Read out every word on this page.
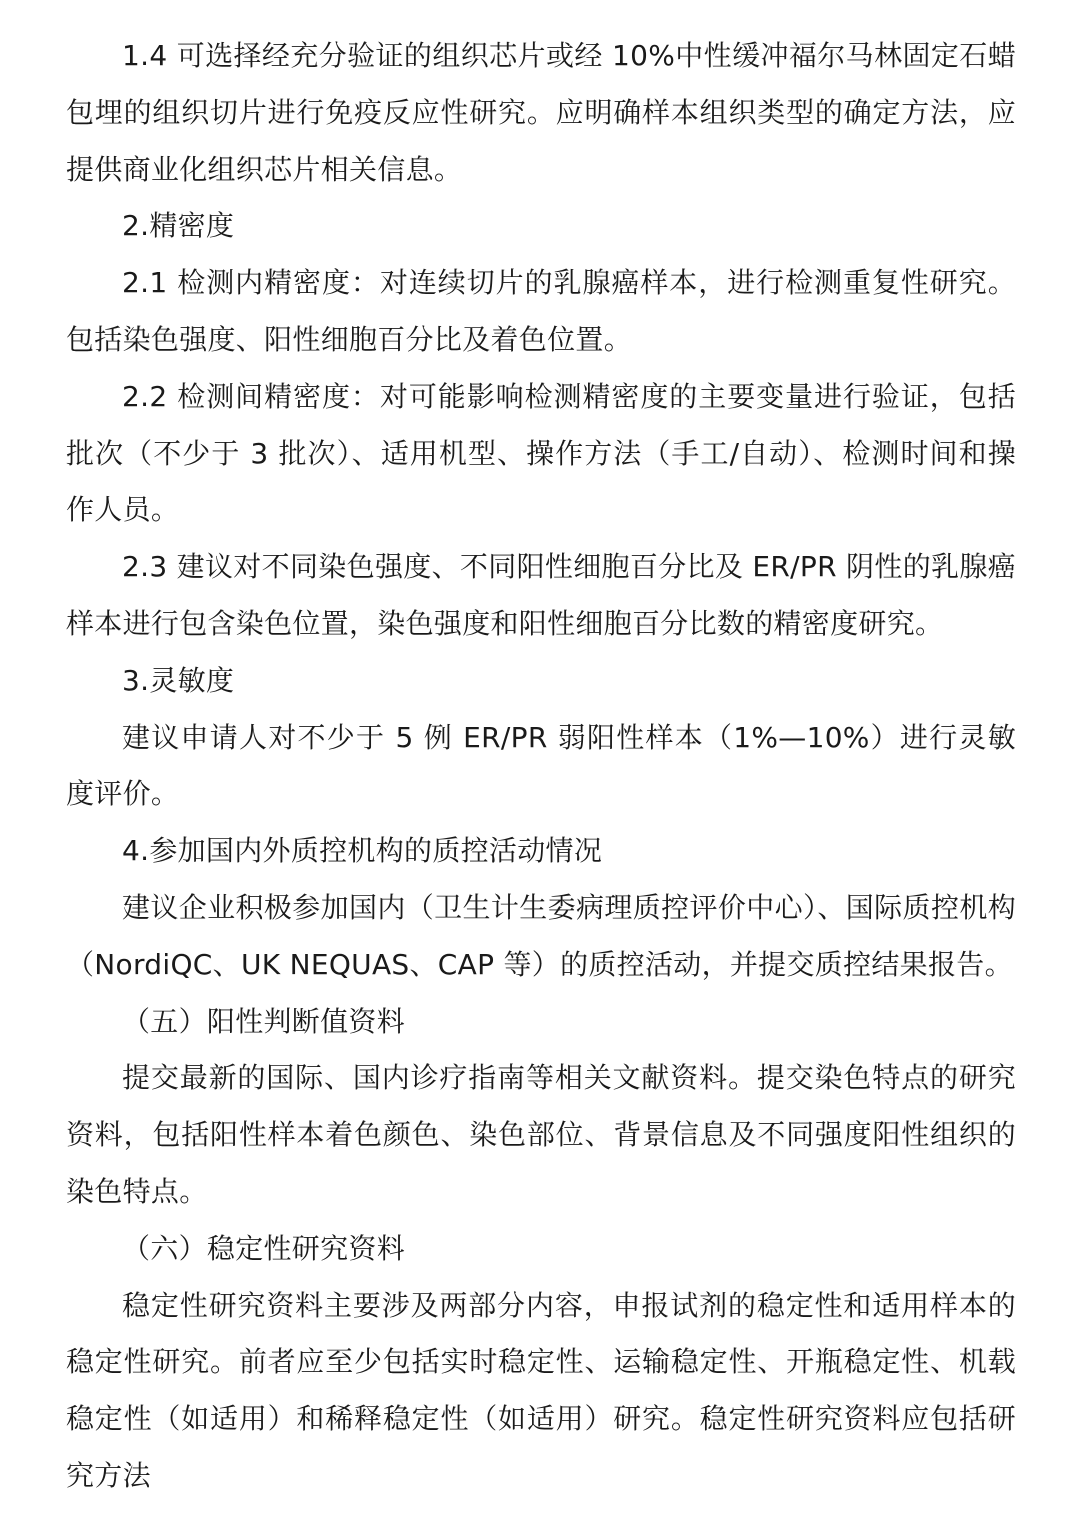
1.4 可选择经充分验证的组织芯片或经 10%中性缓冲福尔马林固定石蜡包埋的组织切片进行免疫反应性研究。应明确样本组织类型的确定方法，应提供商业化组织芯片相关信息。

2.精密度

2.1 检测内精密度：对连续切片的乳腺癌样本，进行检测重复性研究。包括染色强度、阳性细胞百分比及着色位置。

2.2 检测间精密度：对可能影响检测精密度的主要变量进行验证，包括批次（不少于 3 批次）、适用机型、操作方法（手工/自动）、检测时间和操作人员。

2.3 建议对不同染色强度、不同阳性细胞百分比及 ER/PR 阴性的乳腺癌样本进行包含染色位置，染色强度和阳性细胞百分比数的精密度研究。

3.灵敏度

建议申请人对不少于 5 例 ER/PR 弱阳性样本（1%—10%）进行灵敏度评价。

4.参加国内外质控机构的质控活动情况

建议企业积极参加国内（卫生计生委病理质控评价中心）、国际质控机构（NordiQC、UK NEQUAS、CAP 等）的质控活动，并提交质控结果报告。

（五）阳性判断值资料

提交最新的国际、国内诊疗指南等相关文献资料。提交染色特点的研究资料，包括阳性样本着色颜色、染色部位、背景信息及不同强度阳性组织的染色特点。

（六）稳定性研究资料

稳定性研究资料主要涉及两部分内容，申报试剂的稳定性和适用样本的稳定性研究。前者应至少包括实时稳定性、运输稳定性、开瓶稳定性、机载稳定性（如适用）和稀释稳定性（如适用）研究。稳定性研究资料应包括研究方法
